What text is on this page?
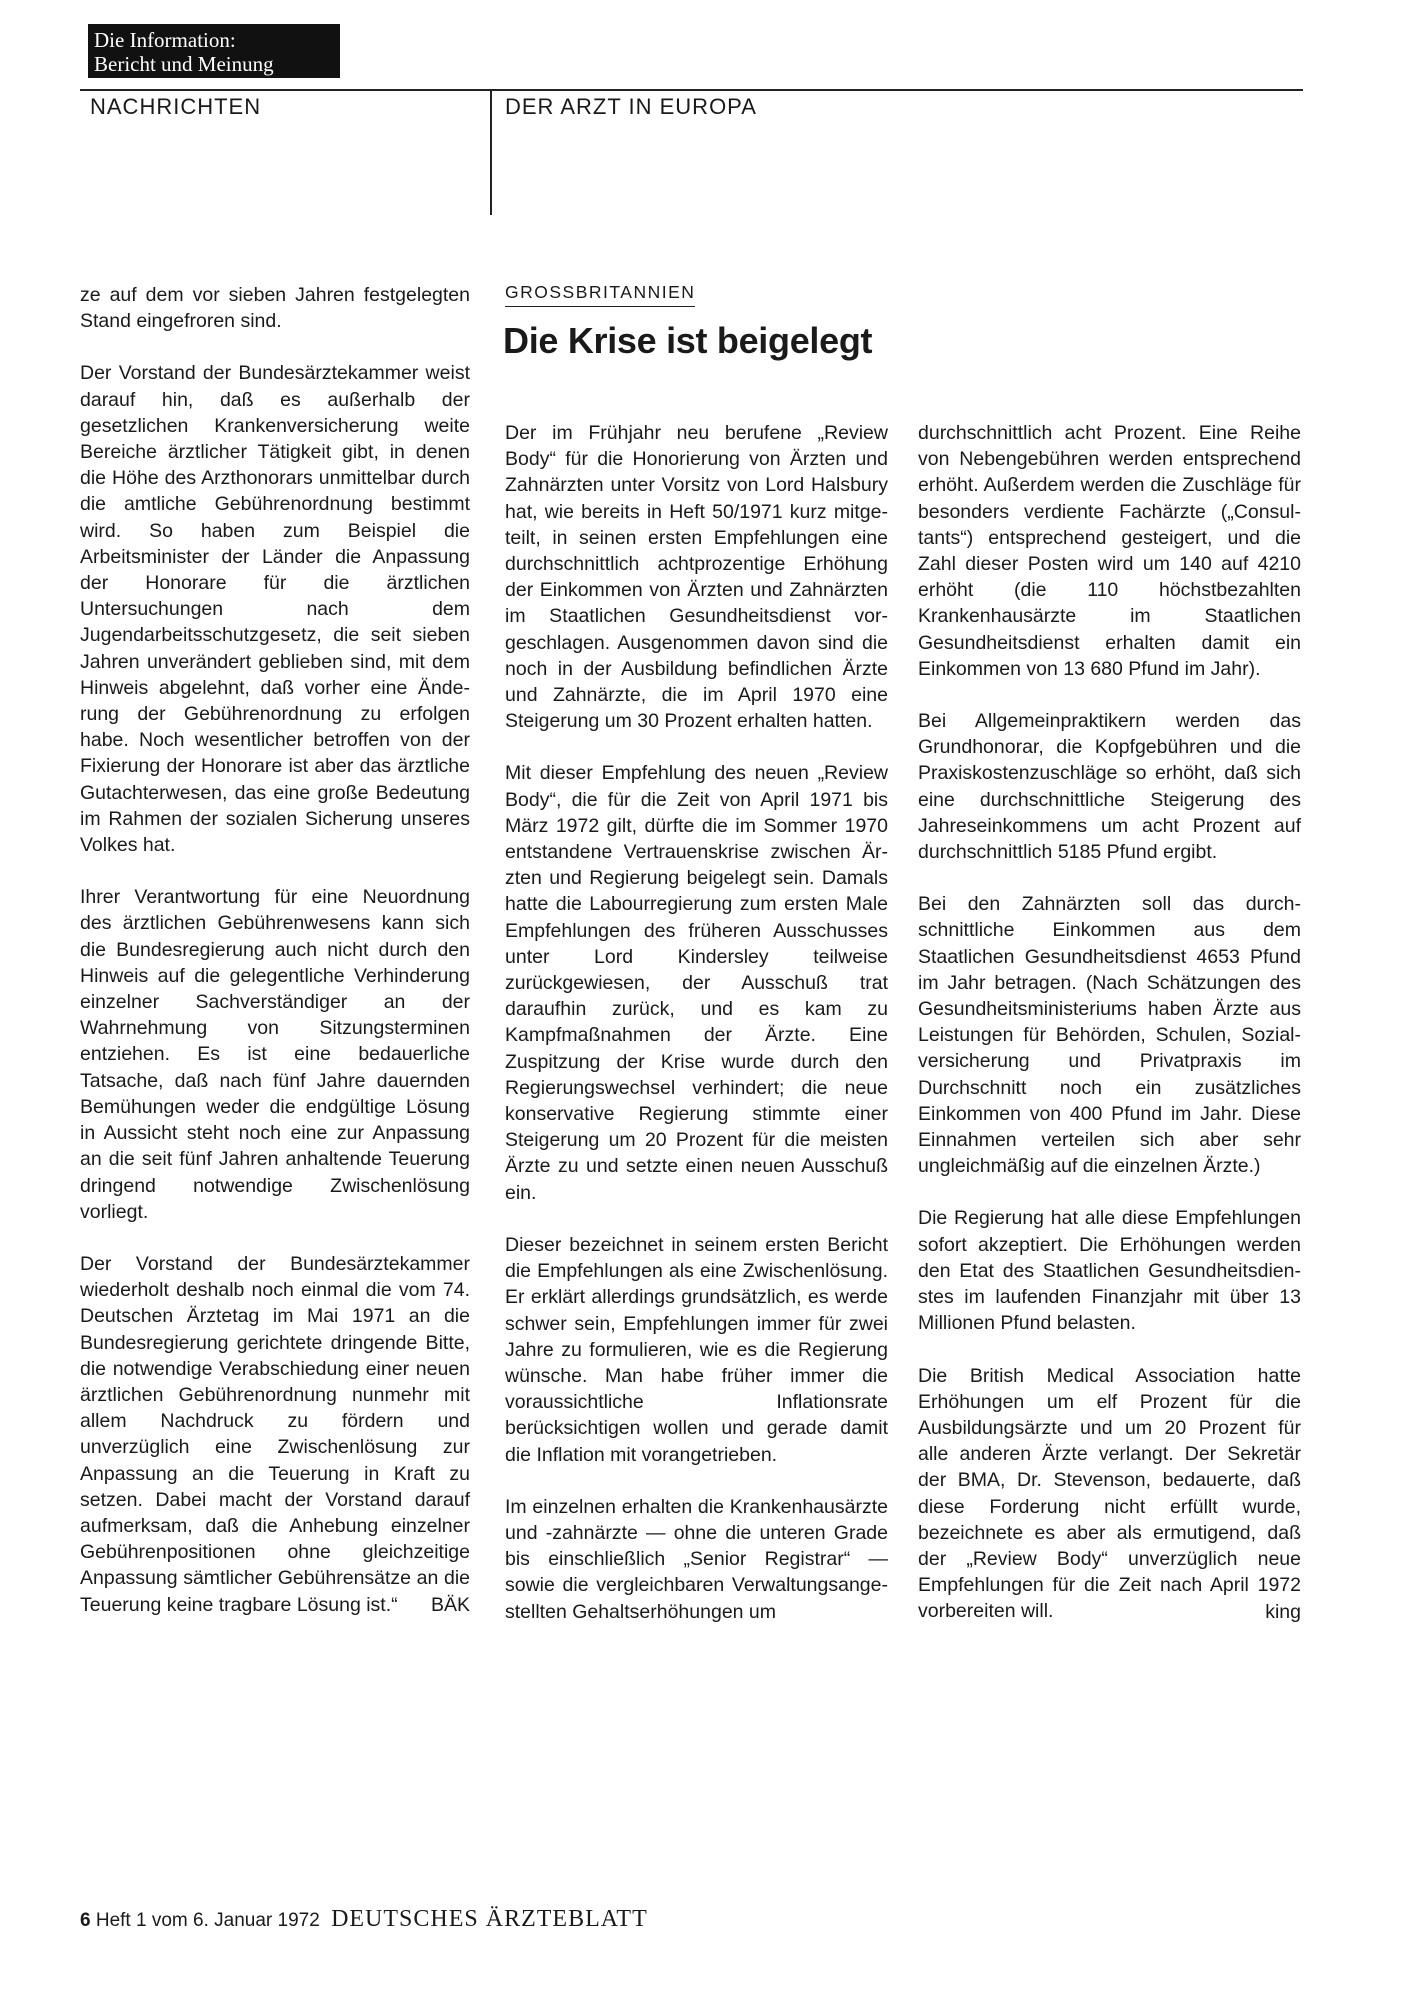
Die Information:
Bericht und Meinung
NACHRICHTEN	DER ARZT IN EUROPA

ze auf dem vor sieben Jahren festgelegten Stand eingefroren sind.

Der Vorstand der Bundesärztekammer weist darauf hin, daß es außerhalb der gesetzlichen Krankenversicherung weite Bereiche ärztlicher Tätigkeit gibt, in denen die Höhe des Arzthonorars unmittelbar durch die amtliche Gebührenordnung bestimmt wird. So haben zum Beispiel die Arbeitsminister der Länder die Anpassung der Honorare für die ärztlichen Untersuchungen nach dem Jugendarbeitsschutzgesetz, die seit sieben Jahren unverändert geblieben sind, mit dem Hinweis abgelehnt, daß vorher eine Änderung der Gebührenordnung zu erfolgen habe. Noch wesentlicher betroffen von der Fixierung der Honorare ist aber das ärztliche Gutachterwesen, das eine große Bedeutung im Rahmen der sozialen Sicherung unseres Volkes hat.

Ihrer Verantwortung für eine Neuordnung des ärztlichen Gebührenwesens kann sich die Bundesregierung auch nicht durch den Hinweis auf die gelegentliche Verhinderung einzelner Sachverständiger an der Wahrnehmung von Sitzungsterminen entziehen. Es ist eine bedauerliche Tatsache, daß nach fünf Jahre dauernden Bemühungen weder die endgültige Lösung in Aussicht steht noch eine zur Anpassung an die seit fünf Jahren anhaltende Teuerung dringend notwendige Zwischenlösung vorliegt.

Der Vorstand der Bundesärztekammer wiederholt deshalb noch einmal die vom 74. Deutschen Ärztetag im Mai 1971 an die Bundesregierung gerichtete dringende Bitte, die notwendige Verabschiedung einer neuen ärztlichen Gebührenordnung nunmehr mit allem Nachdruck zu fördern und unverzüglich eine Zwischenlösung zur Anpassung an die Teuerung in Kraft zu setzen. Dabei macht der Vorstand darauf aufmerksam, daß die Anhebung einzelner Gebührenpositionen ohne gleichzeitige Anpassung sämtlicher Gebührensätze an die Teuerung keine tragbare Lösung ist.“	BÄK
GROSSBRITANNIEN
Die Krise ist beigelegt

Der im Frühjahr neu berufene „Review Body“ für die Honorierung von Ärzten und Zahnärzten unter Vorsitz von Lord Halsbury hat, wie bereits in Heft 50/1971 kurz mitgeteilt, in seinen ersten Empfehlungen eine durchschnittlich achtprozentige Erhöhung der Einkommen von Ärzten und Zahnärzten im Staatlichen Gesundheitsdienst vorgeschlagen. Ausgenommen davon sind die noch in der Ausbildung befindlichen Ärzte und Zahnärzte, die im April 1970 eine Steigerung um 30 Prozent erhalten hatten.

Mit dieser Empfehlung des neuen „Review Body“, die für die Zeit von April 1971 bis März 1972 gilt, dürfte die im Sommer 1970 entstandene Vertrauenskrise zwischen Ärzten und Regierung beigelegt sein. Damals hatte die Labourregierung zum ersten Male Empfehlungen des früheren Ausschusses unter Lord Kindersley teilweise zurückgewiesen, der Ausschuß trat daraufhin zurück, und es kam zu Kampfmaßnahmen der Ärzte. Eine Zuspitzung der Krise wurde durch den Regierungswechsel verhindert; die neue konservative Regierung stimmte einer Steigerung um 20 Prozent für die meisten Ärzte zu und setzte einen neuen Ausschuß ein.

Dieser bezeichnet in seinem ersten Bericht die Empfehlungen als eine Zwischenlösung. Er erklärt allerdings grundsätzlich, es werde schwer sein, Empfehlungen immer für zwei Jahre zu formulieren, wie es die Regierung wünsche. Man habe früher immer die voraussichtliche Inflationsrate berücksichtigen wollen und gerade damit die Inflation mit vorangetrieben.

Im einzelnen erhalten die Krankenhausärzte und -zahnärzte — ohne die unteren Grade bis einschließlich „Senior Registrar“ — sowie die vergleichbaren Verwaltungsangestellten Gehaltserhöhungen um

durchschnittlich acht Prozent. Eine Reihe von Nebengebühren werden entsprechend erhöht. Außerdem werden die Zuschläge für besonders verdiente Fachärzte („Consultants“) entsprechend gesteigert, und die Zahl dieser Posten wird um 140 auf 4210 erhöht (die 110 höchstbezahlten Krankenhausärzte im Staatlichen Gesundheitsdienst erhalten damit ein Einkommen von 13 680 Pfund im Jahr).

Bei Allgemeinpraktikern werden das Grundhonorar, die Kopfgebühren und die Praxiskostenzuschläge so erhöht, daß sich eine durchschnittliche Steigerung des Jahreseinkommens um acht Prozent auf durchschnittlich 5185 Pfund ergibt.

Bei den Zahnärzten soll das durchschnittliche Einkommen aus dem Staatlichen Gesundheitsdienst 4653 Pfund im Jahr betragen. (Nach Schätzungen des Gesundheitsministeriums haben Ärzte aus Leistungen für Behörden, Schulen, Sozialversicherung und Privatpraxis im Durchschnitt noch ein zusätzliches Einkommen von 400 Pfund im Jahr. Diese Einnahmen verteilen sich aber sehr ungleichmäßig auf die einzelnen Ärzte.)

Die Regierung hat alle diese Empfehlungen sofort akzeptiert. Die Erhöhungen werden den Etat des Staatlichen Gesundheitsdienstes im laufenden Finanzjahr mit über 13 Millionen Pfund belasten.

Die British Medical Association hatte Erhöhungen um elf Prozent für die Ausbildungsärzte und um 20 Prozent für alle anderen Ärzte verlangt. Der Sekretär der BMA, Dr. Stevenson, bedauerte, daß diese Forderung nicht erfüllt wurde, bezeichnete es aber als ermutigend, daß der „Review Body“ unverzüglich neue Empfehlungen für die Zeit nach April 1972 vorbereiten will.	king
6 Heft 1 vom 6. Januar 1972 DEUTSCHES ÄRZTEBLATT
